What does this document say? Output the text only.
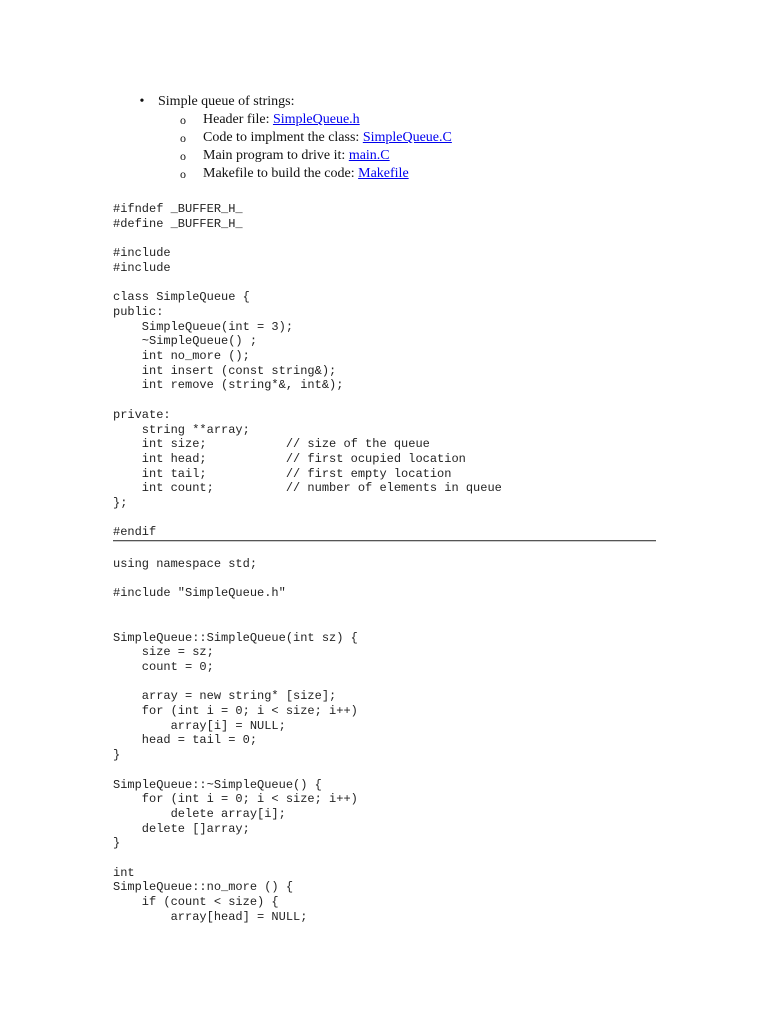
• Simple queue of strings:
o Header file: SimpleQueue.h
o Code to implment the class: SimpleQueue.C
o Main program to drive it: main.C
o Makefile to build the code: Makefile
#ifndef _BUFFER_H_
#define _BUFFER_H_

#include
#include

class SimpleQueue {
public:
SimpleQueue(int = 3);
~SimpleQueue() ;
int no_more ();
int insert (const string&);
int remove (string*&, int&);

private:
string **array;
int size;           // size of the queue
int head;           // first ocupied location
int tail;           // first empty location
int count;          // number of elements in queue
};

#endif
using namespace std;

#include "SimpleQueue.h"

SimpleQueue::SimpleQueue(int sz) {
size = sz;
count = 0;

array = new string* [size];
for (int i = 0; i < size; i++)
array[i] = NULL;
head = tail = 0;
}

SimpleQueue::~SimpleQueue() {
for (int i = 0; i < size; i++)
delete array[i];
delete []array;
}

int
SimpleQueue::no_more () {
if (count < size) {
array[head] = NULL;
